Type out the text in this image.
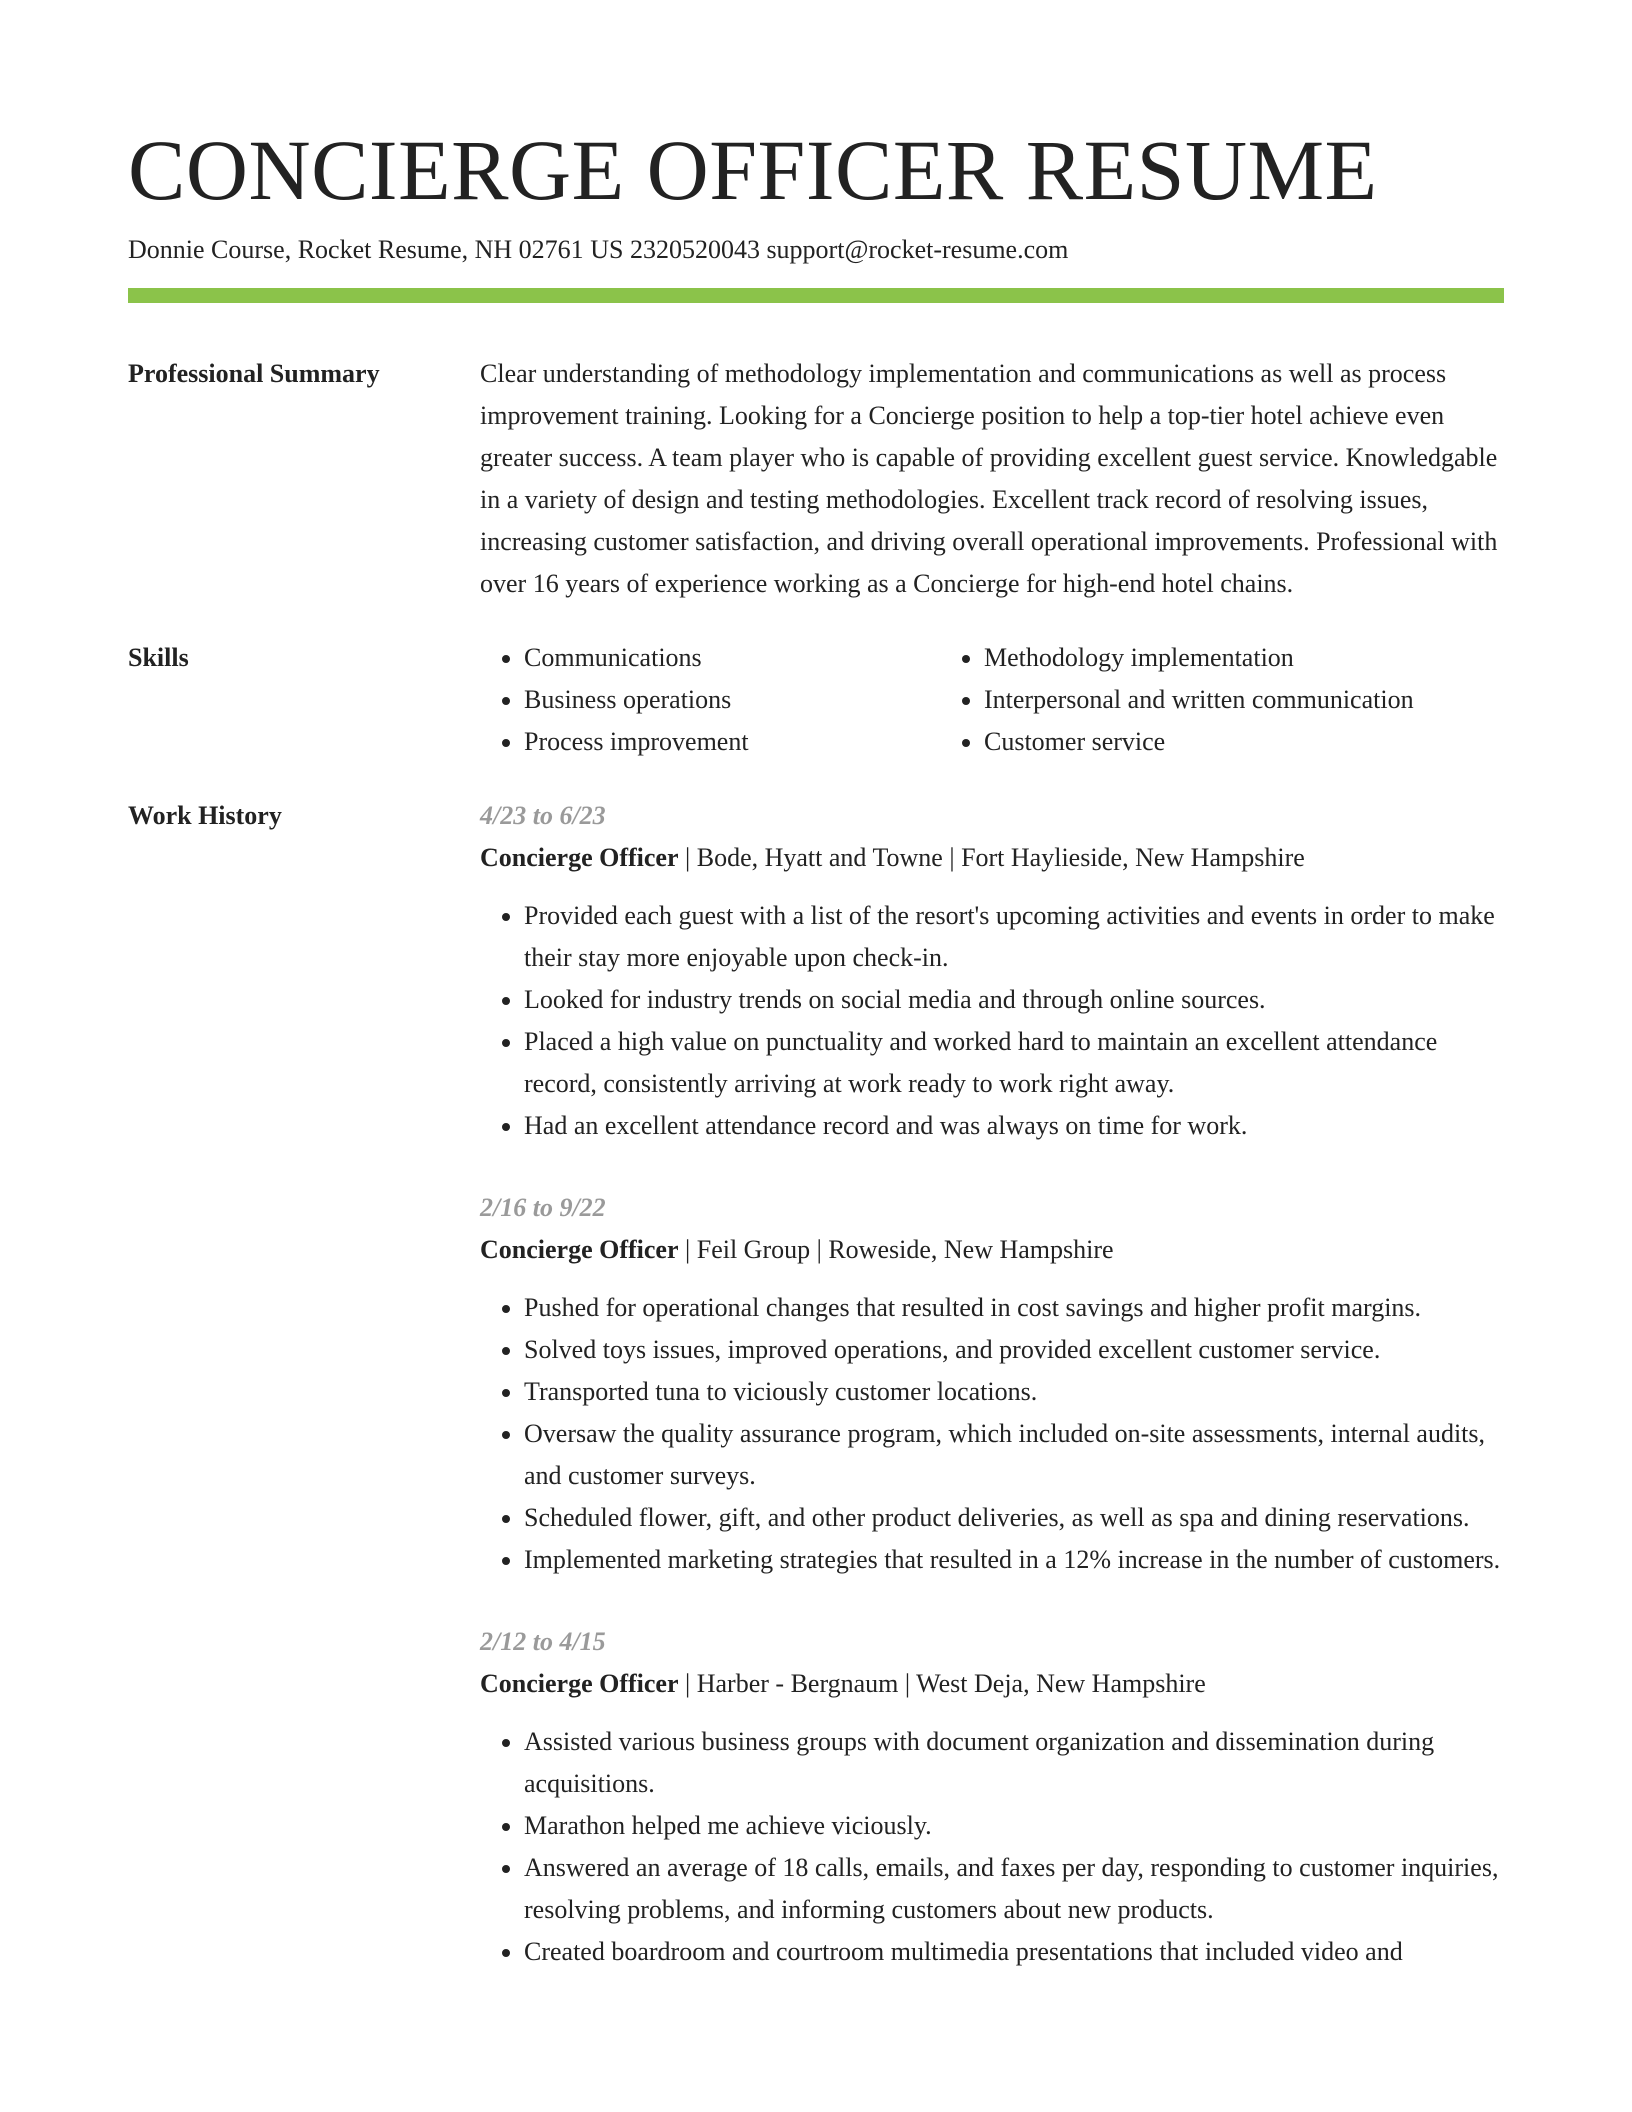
CONCIERGE OFFICER RESUME
Donnie Course, Rocket Resume, NH 02761 US 2320520043 support@rocket-resume.com
Professional Summary	Clear understanding of methodology implementation and communications as well as process improvement training. Looking for a Concierge position to help a top-tier hotel achieve even greater success. A team player who is capable of providing excellent guest service. Knowledgable in a variety of design and testing methodologies. Excellent track record of resolving issues, increasing customer satisfaction, and driving overall operational improvements. Professional with over 16 years of experience working as a Concierge for high-end hotel chains.

Skills	• Communications
• Business operations
• Process improvement
• Methodology implementation
• Interpersonal and written communication
• Customer service
Work History	4/23 to 6/23
Concierge Officer | Bode, Hyatt and Towne | Fort Haylieside, New Hampshire
• Provided each guest with a list of the resort's upcoming activities and events in order to make their stay more enjoyable upon check-in.
• Looked for industry trends on social media and through online sources.
• Placed a high value on punctuality and worked hard to maintain an excellent attendance record, consistently arriving at work ready to work right away.
• Had an excellent attendance record and was always on time for work.
2/16 to 9/22
Concierge Officer | Feil Group | Roweside, New Hampshire
• Pushed for operational changes that resulted in cost savings and higher profit margins.
• Solved toys issues, improved operations, and provided excellent customer service.
• Transported tuna to viciously customer locations.
• Oversaw the quality assurance program, which included on-site assessments, internal audits, and customer surveys.
• Scheduled flower, gift, and other product deliveries, as well as spa and dining reservations.
• Implemented marketing strategies that resulted in a 12% increase in the number of customers.
2/12 to 4/15
Concierge Officer | Harber - Bergnaum | West Deja, New Hampshire
• Assisted various business groups with document organization and dissemination during acquisitions.
• Marathon helped me achieve viciously.
• Answered an average of 18 calls, emails, and faxes per day, responding to customer inquiries, resolving problems, and informing customers about new products.
• Created boardroom and courtroom multimedia presentations that included video and
